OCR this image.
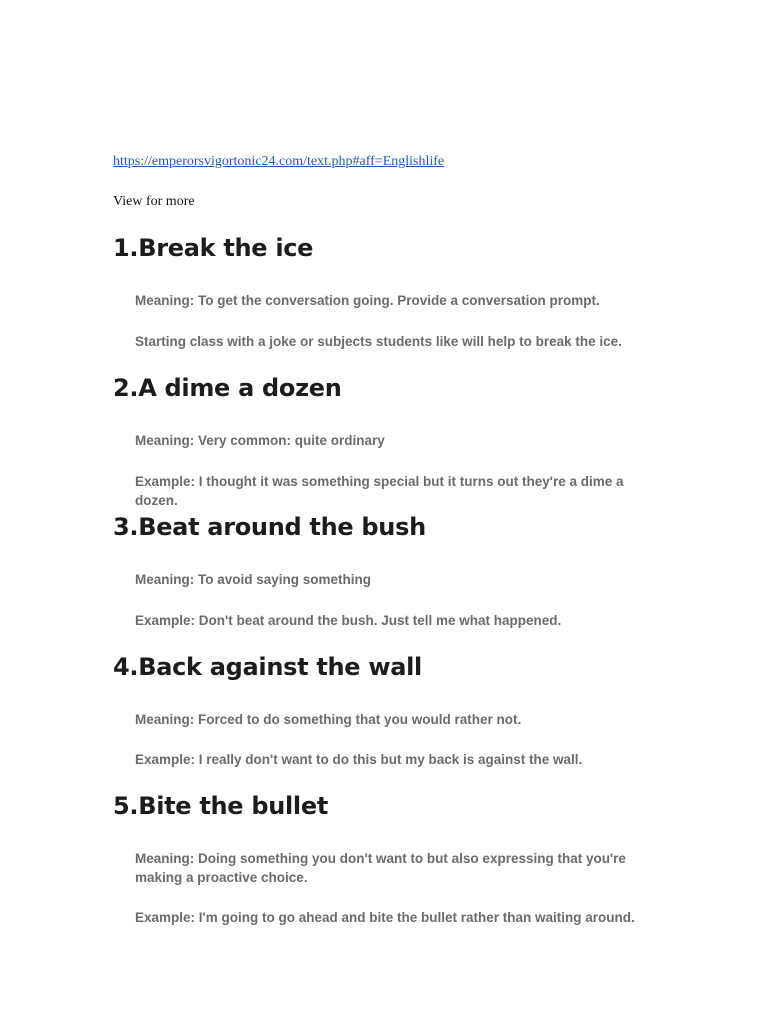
https://emperorsvigortonic24.com/text.php#aff=Englishlife
View for more
1.Break the ice

Meaning: To get the conversation going. Provide a conversation prompt.

Starting class with a joke or subjects students like will help to break the ice.

2.A dime a dozen

Meaning: Very common: quite ordinary

Example: I thought it was something special but it turns out they're a dime a dozen.

3.Beat around the bush

Meaning: To avoid saying something

Example: Don't beat around the bush. Just tell me what happened.

4.Back against the wall

Meaning: Forced to do something that you would rather not.

Example: I really don't want to do this but my back is against the wall.

5.Bite the bullet

Meaning: Doing something you don't want to but also expressing that you're making a proactive choice.

Example: I'm going to go ahead and bite the bullet rather than waiting around.
